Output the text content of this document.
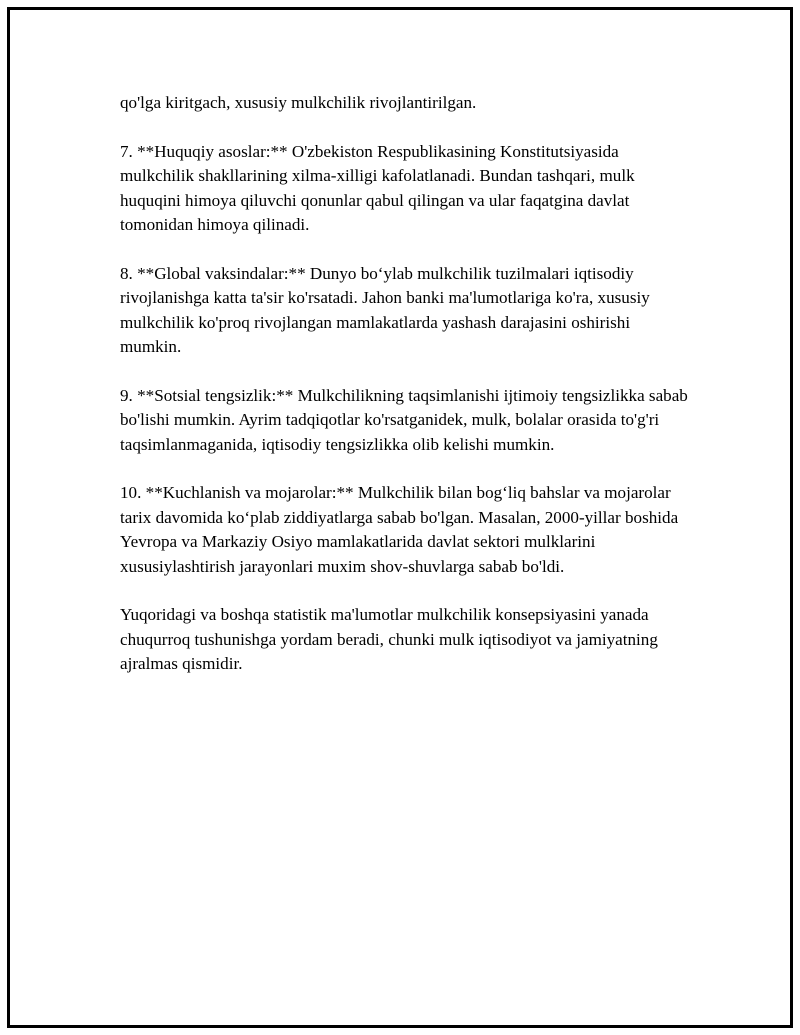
qo'lga kiritgach, xususiy mulkchilik rivojlantirilgan.

7. **Huquqiy asoslar:** O'zbekiston Respublikasining Konstitutsiyasida mulkchilik shakllarining xilma-xilligi kafolatlanadi. Bundan tashqari, mulk huquqini himoya qiluvchi qonunlar qabul qilingan va ular faqatgina davlat tomonidan himoya qilinadi.

8. **Global vaksindalar:** Dunyo bo‘ylab mulkchilik tuzilmalari iqtisodiy rivojlanishga katta ta'sir ko'rsatadi. Jahon banki ma'lumotlariga ko'ra, xususiy mulkchilik ko'proq rivojlangan mamlakatlarda yashash darajasini oshirishi mumkin.

9. **Sotsial tengsizlik:** Mulkchilikning taqsimlanishi ijtimoiy tengsizlikka sabab bo'lishi mumkin. Ayrim tadqiqotlar ko'rsatganidek, mulk, bolalar orasida to'g'ri taqsimlanmaganida, iqtisodiy tengsizlikka olib kelishi mumkin.

10. **Kuchlanish va mojarolar:** Mulkchilik bilan bog‘liq bahslar va mojarolar tarix davomida ko‘plab ziddiyatlarga sabab bo'lgan. Masalan, 2000-yillar boshida Yevropa va Markaziy Osiyo mamlakatlarida davlat sektori mulklarini xususiylashtirish jarayonlari muxim shov-shuvlarga sabab bo'ldi.

Yuqoridagi va boshqa statistik ma'lumotlar mulkchilik konsepsiyasini yanada chuqurroq tushunishga yordam beradi, chunki mulk iqtisodiyot va jamiyatning ajralmas qismidir.
